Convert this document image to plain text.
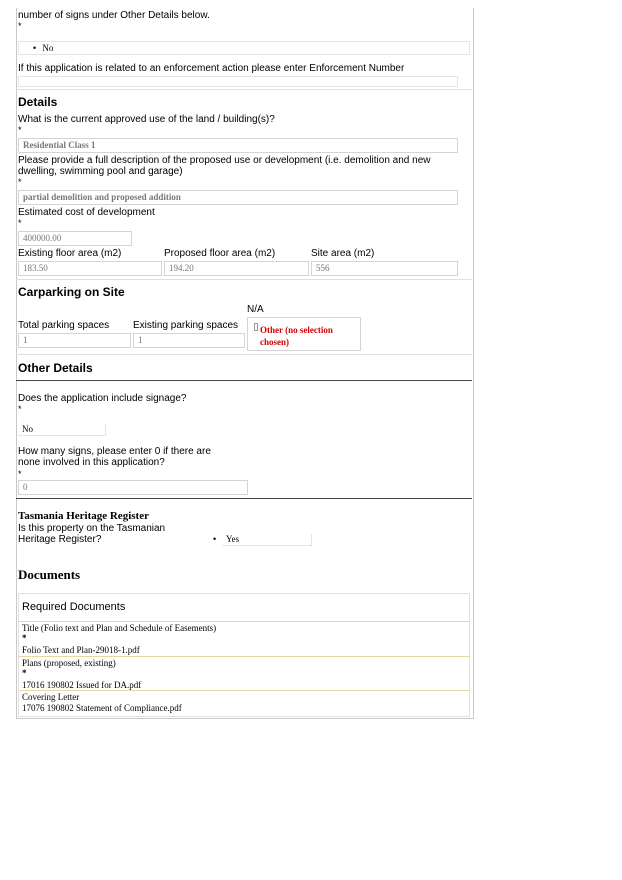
number of signs under Other Details below.
*
• No
If this application is related to an enforcement action please enter Enforcement Number
Details
What is the current approved use of the land / building(s)?
*
Residential Class 1
Please provide a full description of the proposed use or development (i.e. demolition and new dwelling, swimming pool and garage)
*
partial demolition and proposed addition
Estimated cost of development
*
400000.00
Existing floor area (m2)	Proposed floor area (m2)	Site area (m2)
183.50	194.20	556
Carparking on Site
N/A
Total parking spaces Existing parking spaces
1	1
Other (no selection chosen)
Other Details
Does the application include signage?
*
No
How many signs, please enter 0 if there are none involved in this application?
*
0
Tasmania Heritage Register
Is this property on the Tasmanian Heritage Register?	•	Yes
Documents
Required Documents
Title (Folio text and Plan and Schedule of Easements)
*
Folio Text and Plan-29018-1.pdf
Plans (proposed, existing)
*
17016 190802 Issued for DA.pdf
Covering Letter
17076 190802 Statement of Compliance.pdf
